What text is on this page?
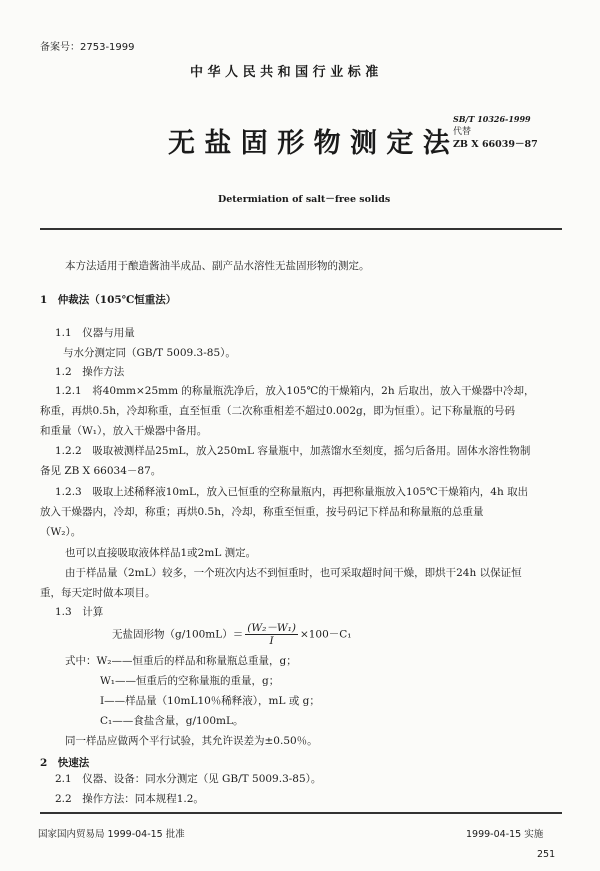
备案号：2753-1999
中 华 人 民 共 和 国 行 业 标 准
无 盐 固 形 物 测 定 法
SB/T 10326-1999
代替
ZB X 66039－87
Determiation of salt－free solids
本方法适用于酿造酱油半成品、副产品水溶性无盐固形物的测定。
1　仲裁法（105℃恒重法）
1.1　仪器与用量
与水分测定同（GB/T 5009.3-85）。
1.2　操作方法
1.2.1　将40mm×25mm 的称量瓶洗净后，放入105℃的干燥箱内，2h 后取出，放入干燥器中冷却，
称重，再烘0.5h，冷却称重，直至恒重（二次称重相差不超过0.002g，即为恒重）。记下称量瓶的号码
和重量（W₁），放入干燥器中备用。
1.2.2　吸取被测样品25mL，放入250mL 容量瓶中，加蒸馏水至刻度，摇匀后备用。固体水溶性物制
备见 ZB X 66034－87。
1.2.3　吸取上述稀释液10mL，放入已恒重的空称量瓶内，再把称量瓶放入105℃干燥箱内，4h 取出
放入干燥器内，冷却，称重；再烘0.5h，冷却，称重至恒重，按号码记下样品和称量瓶的总重量
（W₂）。
也可以直接吸取液体样品1或2mL 测定。
由于样品量（2mL）较多，一个班次内达不到恒重时，也可采取超时间干燥，即烘干24h 以保证恒
重，每天定时做本项目。
1.3　计算
无盐固形物$(g/100mL)= \frac{\text{(W₂－W₁)}}{I} \times 100-C_1$
式中：W₂——恒重后的样品和称量瓶总重量，g；
W₁——恒重后的空称量瓶的重量，g；
I——样品量（10mL10％稀释液），mL 或 g；
C₁——食盐含量，g/100mL。
同一样品应做两个平行试验，其允许误差为±0.50％。
2　快速法
2.1　仪器、设备：同水分测定（见 GB/T 5009.3-85）。
2.2　操作方法：同本规程1.2。
国家国内贸易局 1999-04-15 批准	1999-04-15 实施
251
